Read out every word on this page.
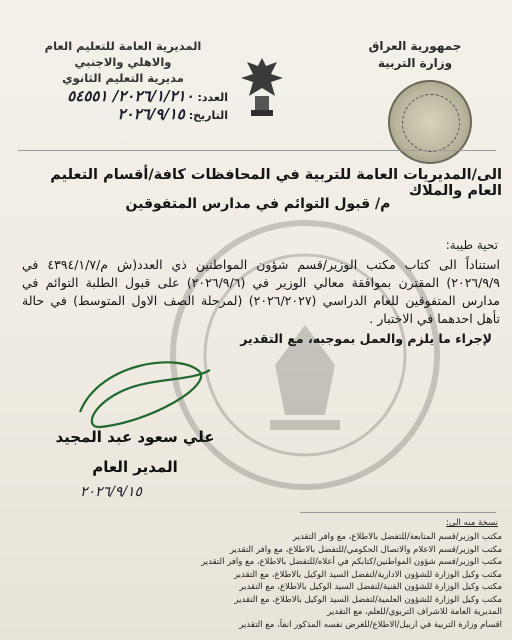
جمهورية العراق
وزارة التربية
المديرية العامة للتعليم العام
والاهلي والاجنبي
مديرية التعليم الثانوي
العدد: ٢٠٢٦/١/٢١٠/ ٥٤٥٥١
التاريخ: ٢٠٢٦/٩/١٥
الى/المديريات العامة للتربية في المحافظات كافة/أقسام التعليم العام والملاك
م/ قبول التوائم في مدارس المتفوقين
تحية طيبة:
استناداً الى كتاب مكتب الوزير/قسم شؤون المواطنين ذي العدد(ش م/٤٣٩٤/١/٧ في ٢٠٢٦/٩/٩) المقترن بموافقة معالي الوزير في (٢٠٢٦/٩/٦) على قبول الطلبة التوائم في مدارس المتفوقين للعام الدراسي (٢٠٢٦/٢٠٢٧) (لمرحلة الصف الاول المتوسط) في حالة تأهل احدهما في الاختبار .
لإجراء ما يلزم والعمل بموجبه، مع التقدير
علي سعود عبد المجيد
المدير العام
٢٠٢٦/٩/١٥
نسخة منه الى:
مكتب الوزير/قسم المتابعة/للتفضل بالاطلاع، مع وافر التقدير
مكتب الوزير/قسم الاعلام والاتصال الحكومي/للتفضل بالاطلاع، مع وافر التقدير
مكتب الوزير/قسم شؤون المواطنين/كتابكم في أعلاه/للتفضل بالاطلاع، مع وافر التقدير
مكتب وكيل الوزارة للشؤون الادارية/لتفضل السيد الوكيل بالاطلاع، مع التقدير
مكتب وكيل الوزارة للشؤون الفنية/لتفضل السيد الوكيل بالاطلاع، مع التقدير
مكتب وكيل الوزارة للشؤون العلمية/لتفضل السيد الوكيل بالاطلاع، مع التقدير
المديرية العامة للاشراف التربوي/للعلم، مع التقدير
اقسام وزارة التربية في اربيل/الاطلاع/للغرض نفسه المذكور انفاً، مع التقدير
